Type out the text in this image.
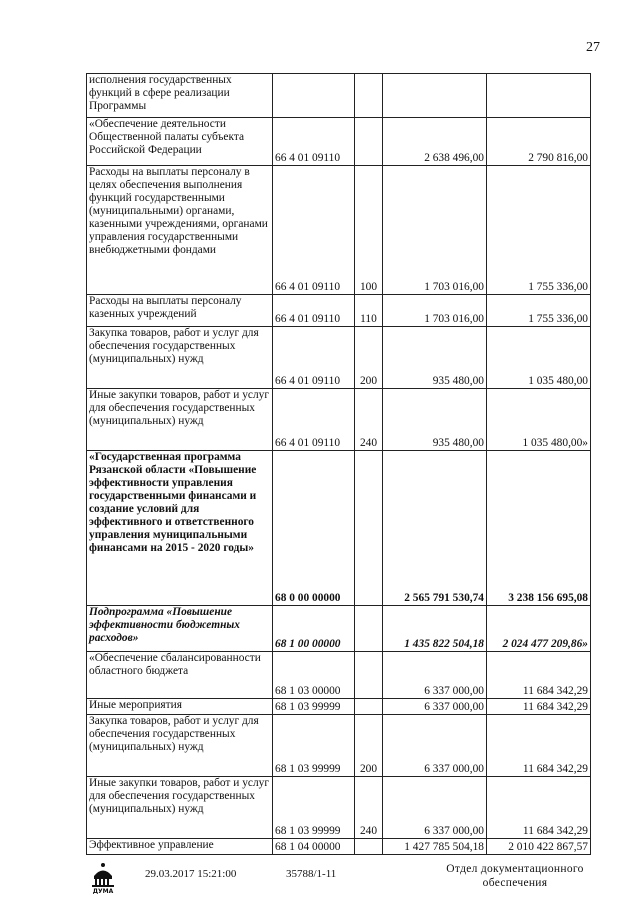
27
исполнения государственных функций в сфере реализации Программы				
«Обеспечение деятельности Общественной палаты субъекта Российской Федерации	66 4 01 09110		2 638 496,00	2 790 816,00
Расходы на выплаты персоналу в целях обеспечения выполнения функций государственными (муниципальными) органами, казенными учреждениями, органами управления государственными внебюджетными фондами	66 4 01 09110	100	1 703 016,00	1 755 336,00
Расходы на выплаты персоналу казенных учреждений	66 4 01 09110	110	1 703 016,00	1 755 336,00
Закупка товаров, работ и услуг для обеспечения государственных (муниципальных) нужд	66 4 01 09110	200	935 480,00	1 035 480,00
Иные закупки товаров, работ и услуг для обеспечения государственных (муниципальных) нужд	66 4 01 09110	240	935 480,00	1 035 480,00»
«Государственная программа Рязанской области «Повышение эффективности управления государственными финансами и создание условий для эффективного и ответственного управления муниципальными финансами на 2015 - 2020 годы»	68 0 00 00000		2 565 791 530,74	3 238 156 695,08
Подпрограмма «Повышение эффективности бюджетных расходов»	68 1 00 00000		1 435 822 504,18	2 024 477 209,86»
«Обеспечение сбалансированности областного бюджета	68 1 03 00000		6 337 000,00	11 684 342,29
Иные мероприятия	68 1 03 99999		6 337 000,00	11 684 342,29
Закупка товаров, работ и услуг для обеспечения государственных (муниципальных) нужд	68 1 03 99999	200	6 337 000,00	11 684 342,29
Иные закупки товаров, работ и услуг для обеспечения государственных (муниципальных) нужд	68 1 03 99999	240	6 337 000,00	11 684 342,29
Эффективное управление	68 1 04 00000		1 427 785 504,18	2 010 422 867,57
ДУМА
29.03.2017 15:21:00	35788/1-11	Отдел документационного обеспечения
